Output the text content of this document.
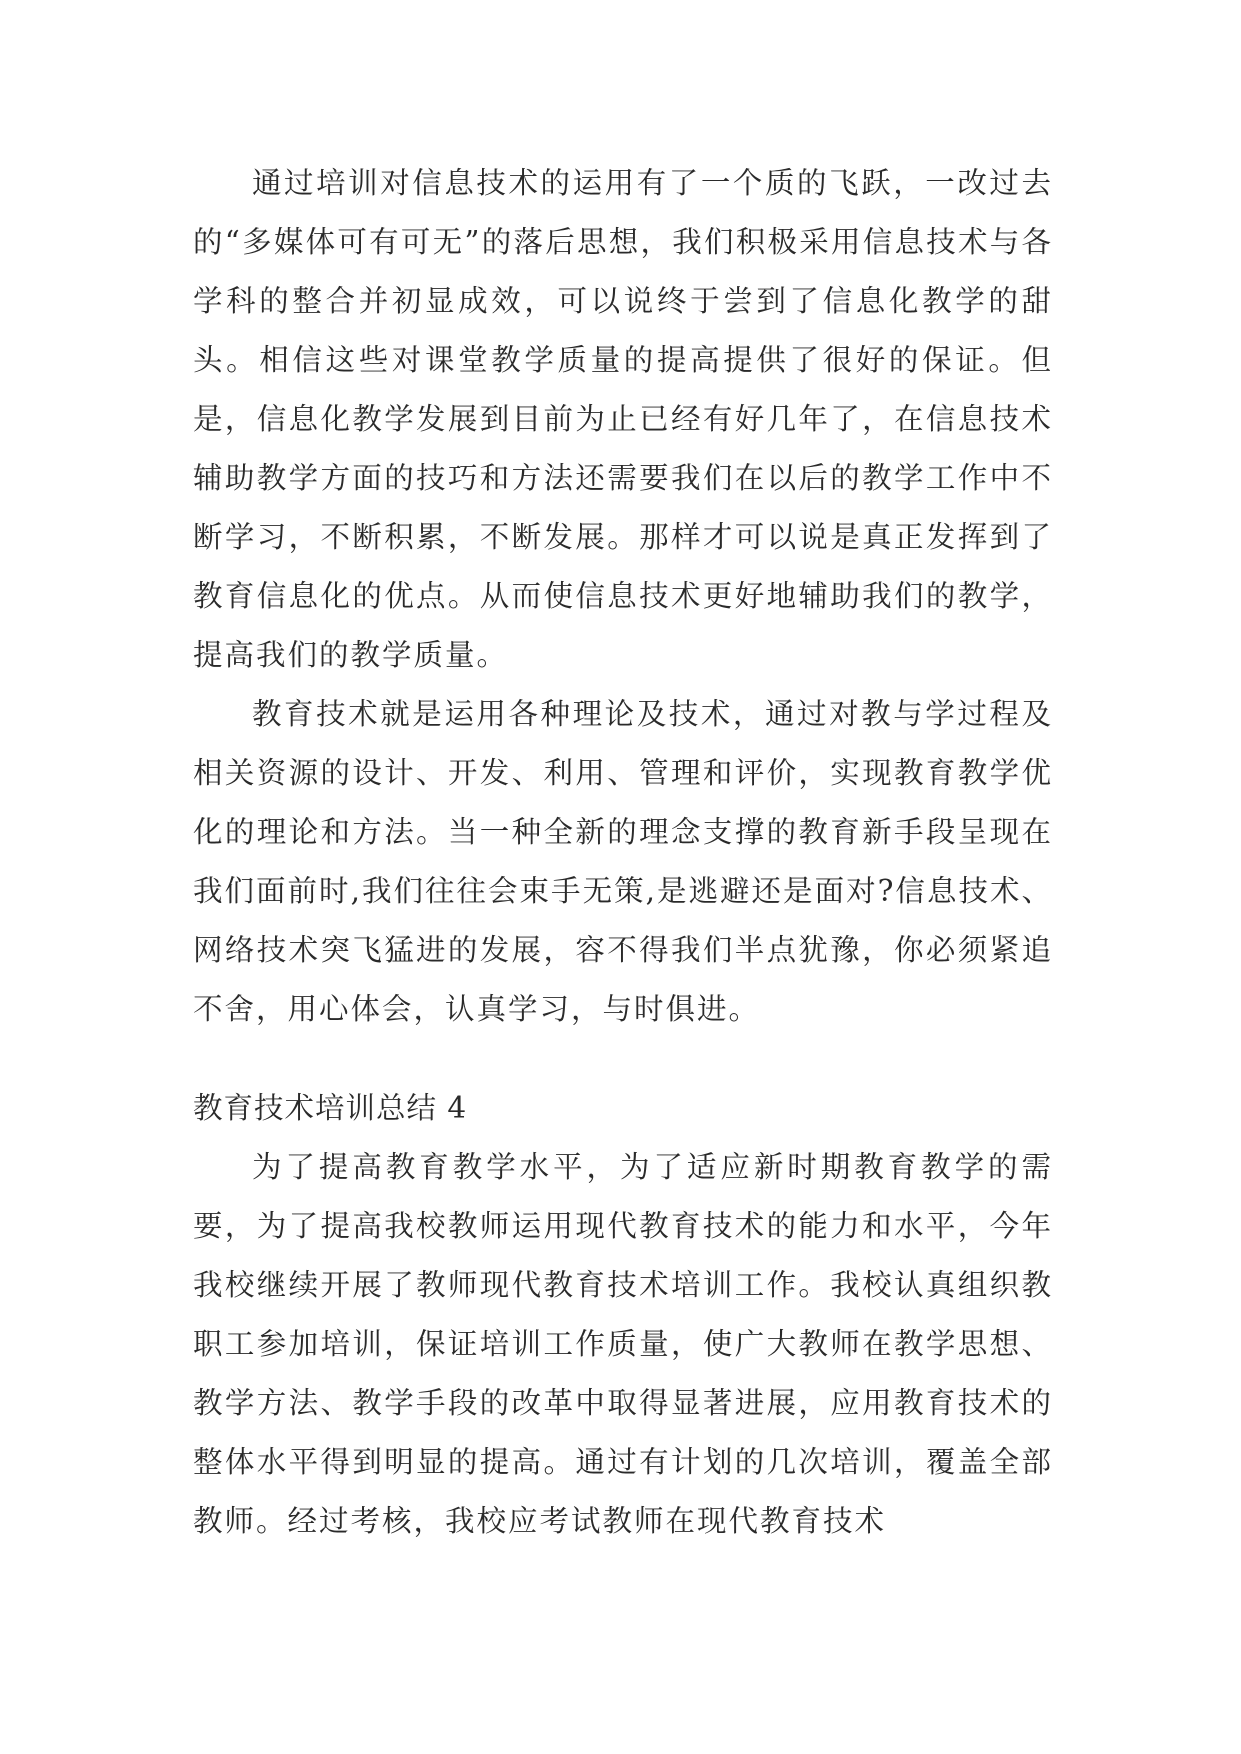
通过培训对信息技术的运用有了一个质的飞跃，一改过去的“多媒体可有可无”的落后思想，我们积极采用信息技术与各学科的整合并初显成效，可以说终于尝到了信息化教学的甜头。相信这些对课堂教学质量的提高提供了很好的保证。但是，信息化教学发展到目前为止已经有好几年了，在信息技术辅助教学方面的技巧和方法还需要我们在以后的教学工作中不断学习，不断积累，不断发展。那样才可以说是真正发挥到了教育信息化的优点。从而使信息技术更好地辅助我们的教学，提高我们的教学质量。

教育技术就是运用各种理论及技术，通过对教与学过程及相关资源的设计、开发、利用、管理和评价，实现教育教学优化的理论和方法。当一种全新的理念支撑的教育新手段呈现在我们面前时,我们往往会束手无策,是逃避还是面对?信息技术、网络技术突飞猛进的发展，容不得我们半点犹豫，你必须紧追不舍，用心体会，认真学习，与时俱进。

教育技术培训总结 4

为了提高教育教学水平，为了适应新时期教育教学的需要，为了提高我校教师运用现代教育技术的能力和水平，今年我校继续开展了教师现代教育技术培训工作。我校认真组织教职工参加培训，保证培训工作质量，使广大教师在教学思想、教学方法、教学手段的改革中取得显著进展，应用教育技术的整体水平得到明显的提高。通过有计划的几次培训，覆盖全部教师。经过考核，我校应考试教师在现代教育技术
